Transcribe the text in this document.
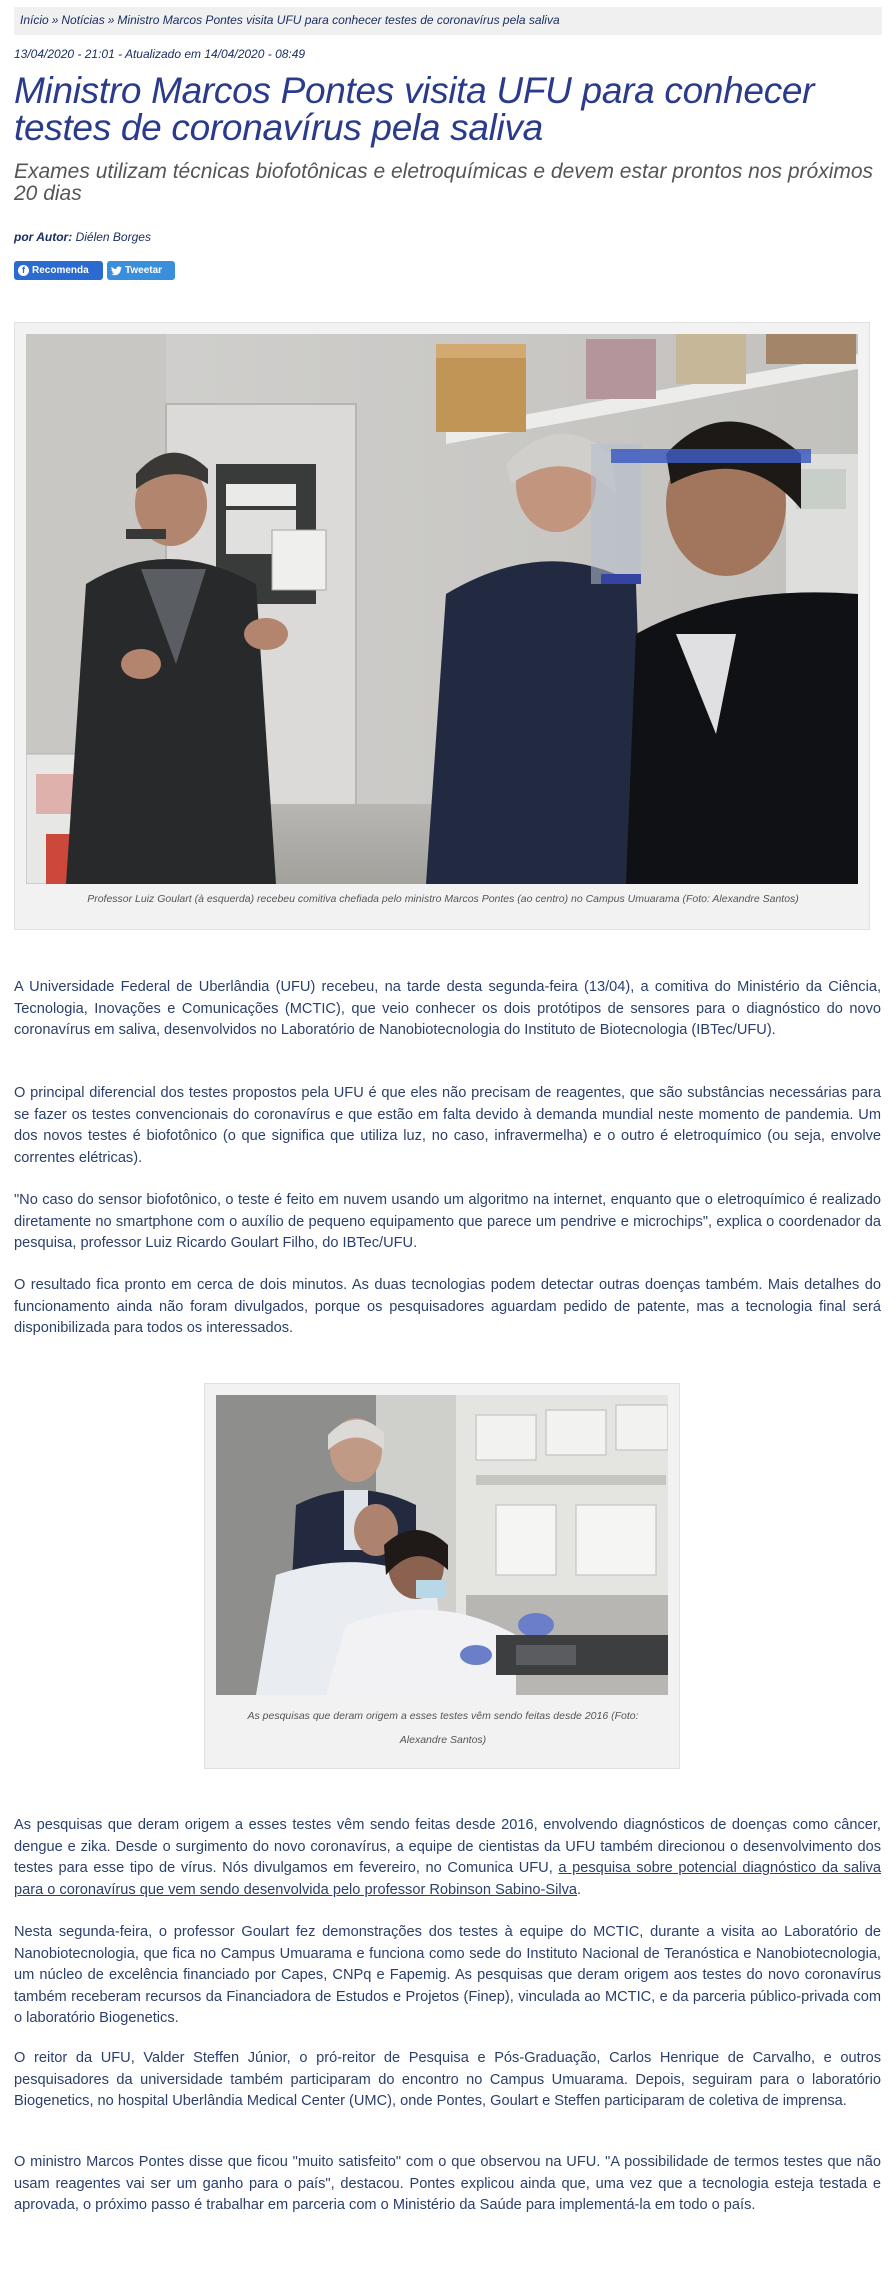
Início » Notícias » Ministro Marcos Pontes visita UFU para conhecer testes de coronavírus pela saliva
13/04/2020 - 21:01 - Atualizado em 14/04/2020 - 08:49
Ministro Marcos Pontes visita UFU para conhecer testes de coronavírus pela saliva
Exames utilizam técnicas biofotônicas e eletroquímicas e devem estar prontos nos próximos 20 dias
por Autor: Diélen Borges
f Recomenda	Tweetar
Professor Luiz Goulart (à esquerda) recebeu comitiva chefiada pelo ministro Marcos Pontes (ao centro) no Campus Umuarama (Foto: Alexandre Santos)

A Universidade Federal de Uberlândia (UFU) recebeu, na tarde desta segunda-feira (13/04), a comitiva do Ministério da Ciência, Tecnologia, Inovações e Comunicações (MCTIC), que veio conhecer os dois protótipos de sensores para o diagnóstico do novo coronavírus em saliva, desenvolvidos no Laboratório de Nanobiotecnologia do Instituto de Biotecnologia (IBTec/UFU).

O principal diferencial dos testes propostos pela UFU é que eles não precisam de reagentes, que são substâncias necessárias para se fazer os testes convencionais do coronavírus e que estão em falta devido à demanda mundial neste momento de pandemia. Um dos novos testes é biofotônico (o que significa que utiliza luz, no caso, infravermelha) e o outro é eletroquímico (ou seja, envolve correntes elétricas).

"No caso do sensor biofotônico, o teste é feito em nuvem usando um algoritmo na internet, enquanto que o eletroquímico é realizado diretamente no smartphone com o auxílio de pequeno equipamento que parece um pendrive e microchips", explica o coordenador da pesquisa, professor Luiz Ricardo Goulart Filho, do IBTec/UFU.

O resultado fica pronto em cerca de dois minutos. As duas tecnologias podem detectar outras doenças também. Mais detalhes do funcionamento ainda não foram divulgados, porque os pesquisadores aguardam pedido de patente, mas a tecnologia final será disponibilizada para todos os interessados.

As pesquisas que deram origem a esses testes vêm sendo feitas desde 2016 (Foto: Alexandre Santos)

As pesquisas que deram origem a esses testes vêm sendo feitas desde 2016, envolvendo diagnósticos de doenças como câncer, dengue e zika. Desde o surgimento do novo coronavírus, a equipe de cientistas da UFU também direcionou o desenvolvimento dos testes para esse tipo de vírus. Nós divulgamos em fevereiro, no Comunica UFU, a pesquisa sobre potencial diagnóstico da saliva para o coronavírus que vem sendo desenvolvida pelo professor Robinson Sabino-Silva.

Nesta segunda-feira, o professor Goulart fez demonstrações dos testes à equipe do MCTIC, durante a visita ao Laboratório de Nanobiotecnologia, que fica no Campus Umuarama e funciona como sede do Instituto Nacional de Teranóstica e Nanobiotecnologia, um núcleo de excelência financiado por Capes, CNPq e Fapemig. As pesquisas que deram origem aos testes do novo coronavírus também receberam recursos da Financiadora de Estudos e Projetos (Finep), vinculada ao MCTIC, e da parceria público-privada com o laboratório Biogenetics.

O reitor da UFU, Valder Steffen Júnior, o pró-reitor de Pesquisa e Pós-Graduação, Carlos Henrique de Carvalho, e outros pesquisadores da universidade também participaram do encontro no Campus Umuarama. Depois, seguiram para o laboratório Biogenetics, no hospital Uberlândia Medical Center (UMC), onde Pontes, Goulart e Steffen participaram de coletiva de imprensa.

O ministro Marcos Pontes disse que ficou "muito satisfeito" com o que observou na UFU. "A possibilidade de termos testes que não usam reagentes vai ser um ganho para o país", destacou. Pontes explicou ainda que, uma vez que a tecnologia esteja testada e aprovada, o próximo passo é trabalhar em parceria com o Ministério da Saúde para implementá-la em todo o país.
